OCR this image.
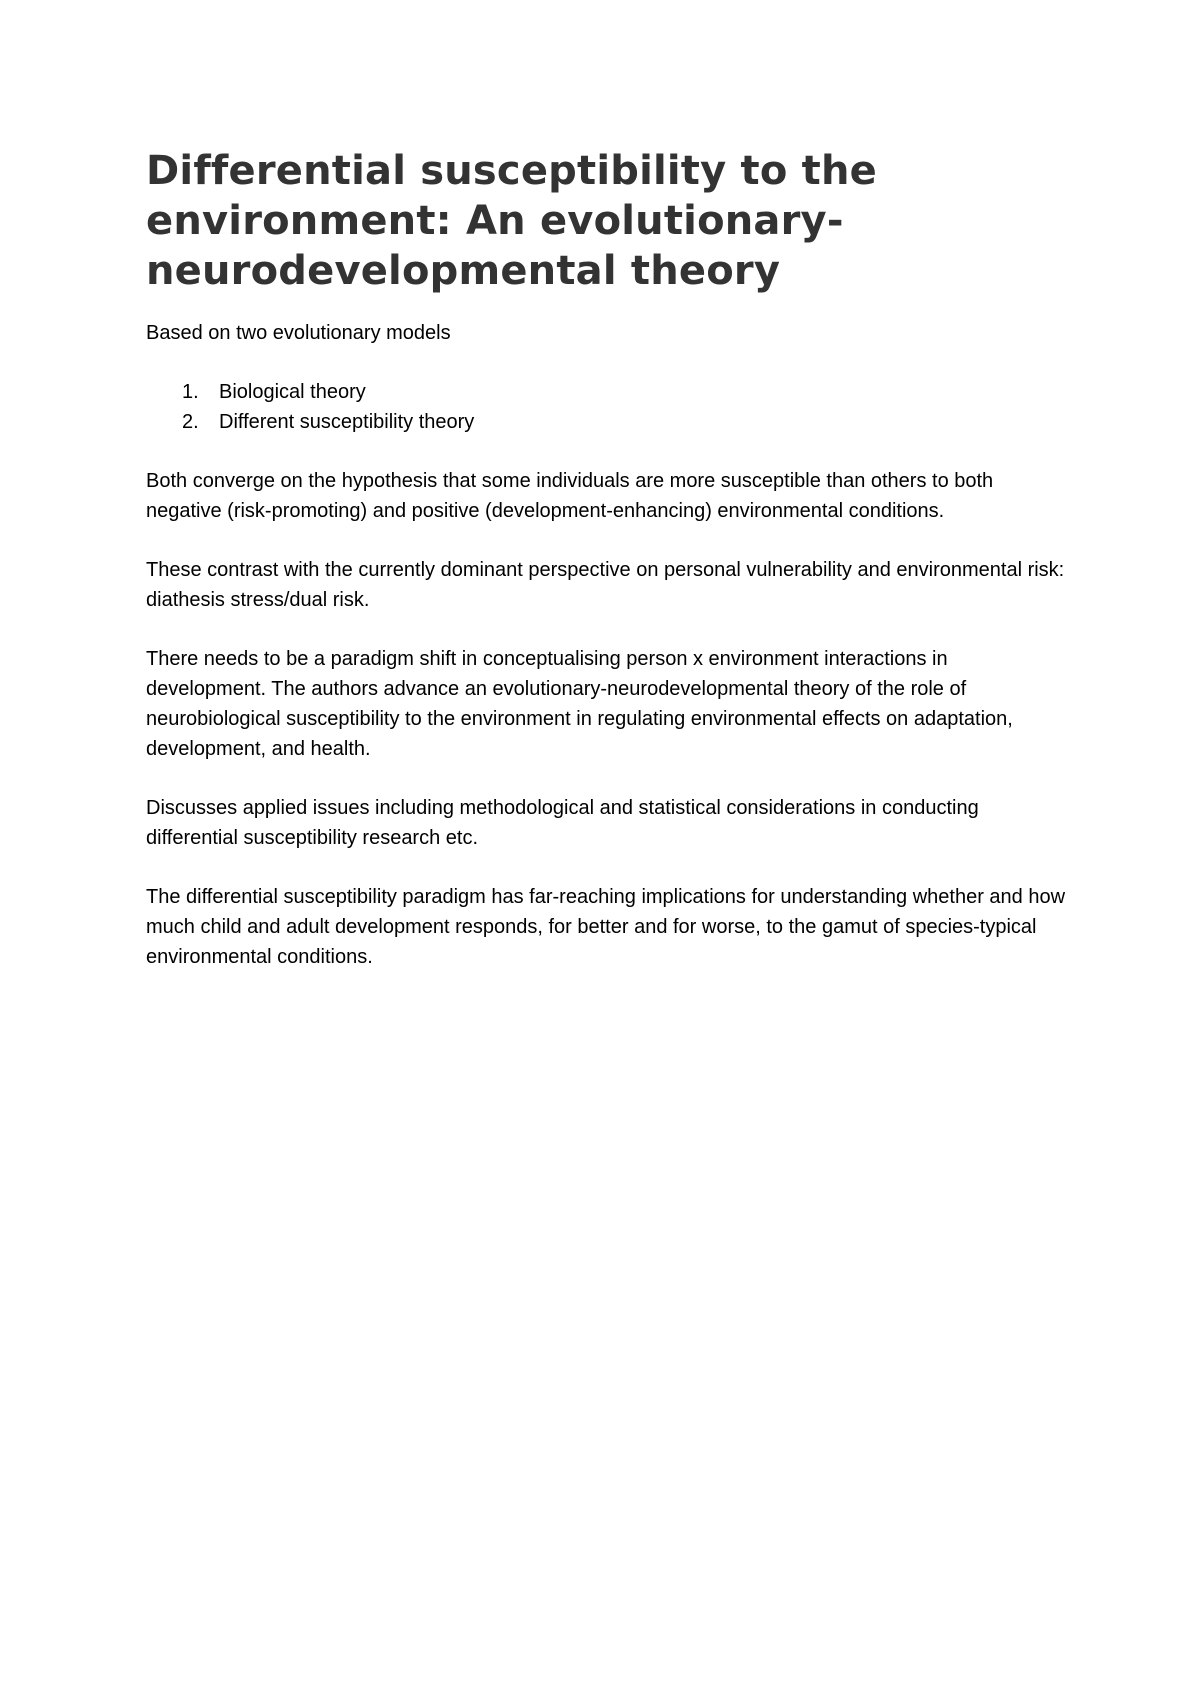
Differential susceptibility to the environment: An evolutionary-neurodevelopmental theory

Based on two evolutionary models

1. Biological theory
2. Different susceptibility theory

Both converge on the hypothesis that some individuals are more susceptible than others to both negative (risk-promoting) and positive (development-enhancing) environmental conditions.

These contrast with the currently dominant perspective on personal vulnerability and environmental risk: diathesis stress/dual risk.

There needs to be a paradigm shift in conceptualising person x environment interactions in development. The authors advance an evolutionary-neurodevelopmental theory of the role of neurobiological susceptibility to the environment in regulating environmental effects on adaptation, development, and health.

Discusses applied issues including methodological and statistical considerations in conducting differential susceptibility research etc.

The differential susceptibility paradigm has far-reaching implications for understanding whether and how much child and adult development responds, for better and for worse, to the gamut of species-typical environmental conditions.
